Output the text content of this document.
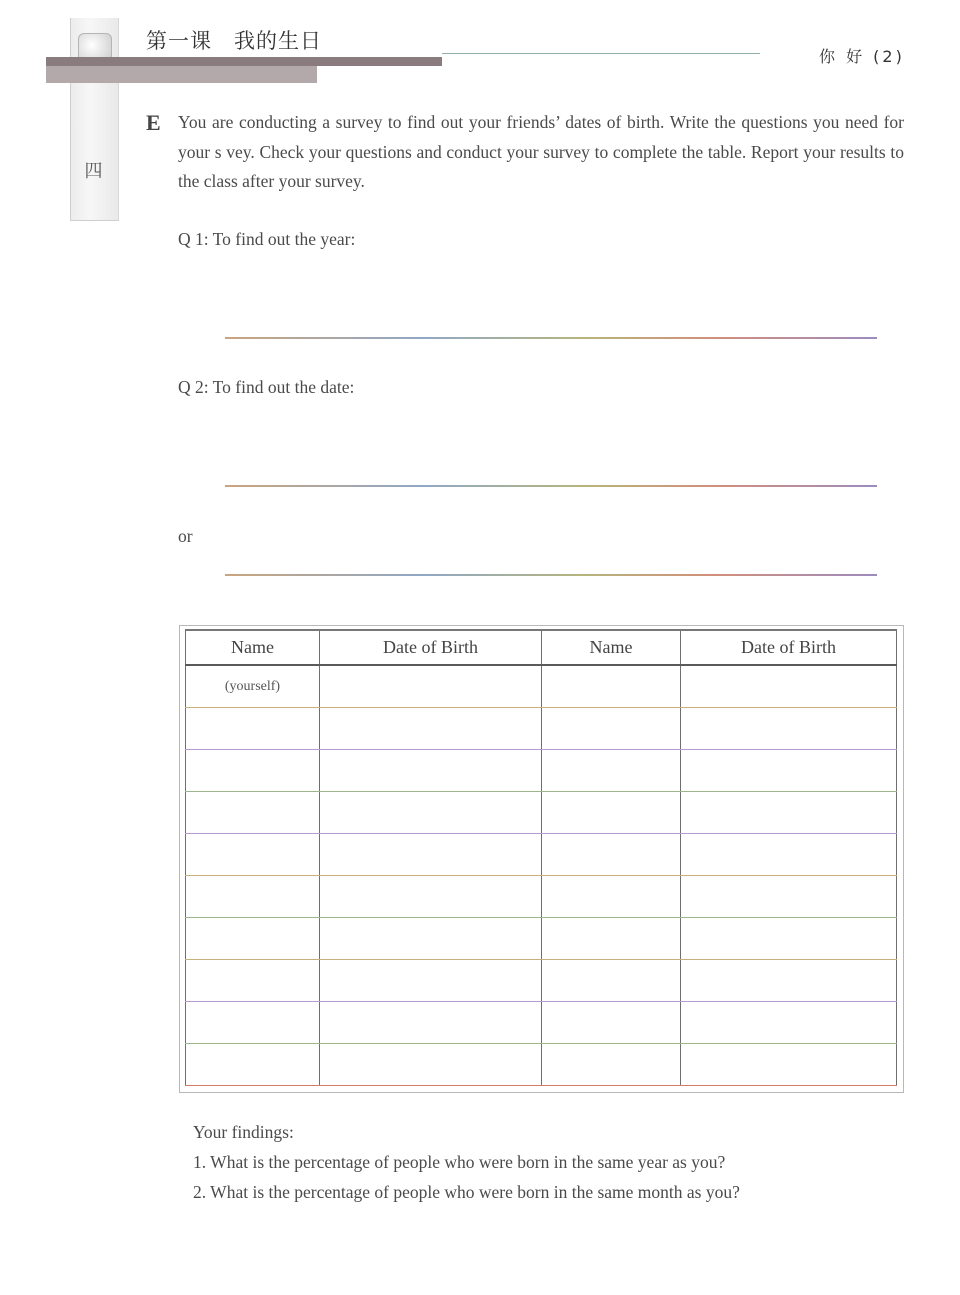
四
第一课　我的生日
你 好 (2)
E You are conducting a survey to find out your friends’ dates of birth. Write the questions you need for your s vey. Check your questions and conduct your survey to complete the table. Report your results to the class after your survey.
Q 1: To find out the year:
Q 2: To find out the date:
or
Name	Date of Birth	Name	Date of Birth
(yourself)			

Your findings:
1. What is the percentage of people who were born in the same year as you?
2. What is the percentage of people who were born in the same month as you?
